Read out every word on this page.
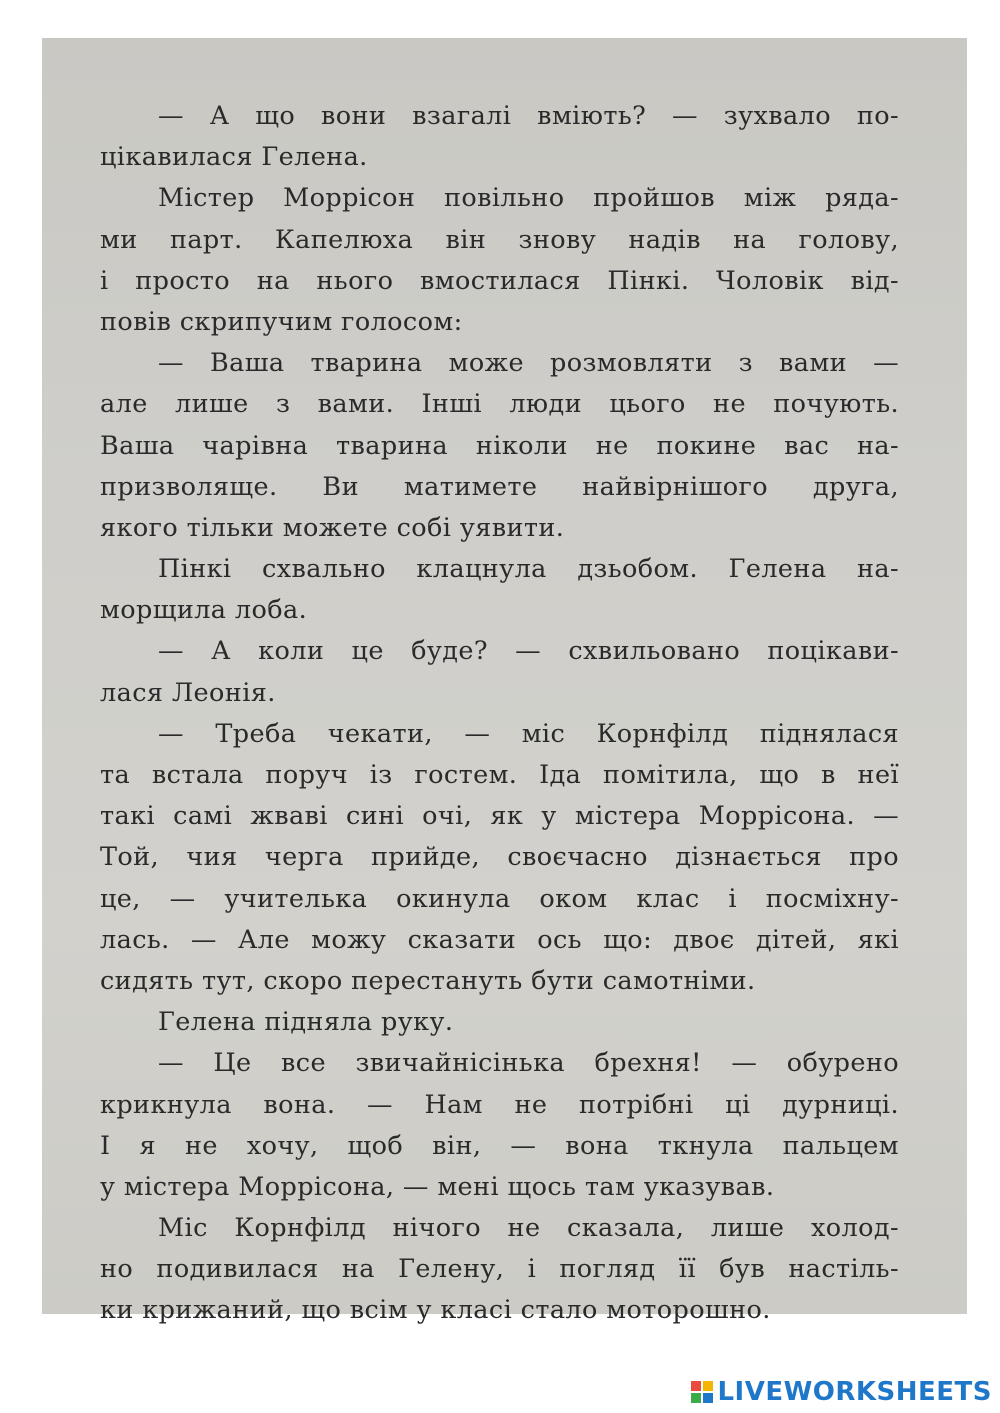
— А що вони взагалі вміють? — зухвало по-
цікавилася Гелена.
Містер Моррісон повільно пройшов між рядa-
ми парт. Капелюха він знову надів на голову,
і просто на нього вмостилася Пінкі. Чоловік від-
повів скрипучим голосом:
— Ваша тварина може розмовляти з вами —
але лише з вами. Інші люди цього не почують.
Ваша чарівна тварина ніколи не покине вас на-
призволяще. Ви матимете найвірнішого друга,
якого тільки можете собі уявити.
Пінкі схвально клацнула дзьобом. Гелена на-
морщила лоба.
— А коли це буде? — схвильовано поцікави-
лася Леонія.
— Треба чекати, — міс Корнфілд піднялася
та встала поруч із гостем. Іда помітила, що в неї
такі самі жваві сині очі, як у містера Моррісона. —
Той, чия черга прийде, своєчасно дізнається про
це, — учителька окинула оком клас і посміхну-
лась. — Але можу сказати ось що: двоє дітей, які
сидять тут, скоро перестануть бути самотніми.
Гелена підняла руку.
— Це все звичайнісінька брехня! — обурено
крикнула вона. — Нам не потрібні ці дурниці.
І я не хочу, щоб він, — вона ткнула пальцем
у містера Моррісона, — мені щось там указував.
Міс Корнфілд нічого не сказала, лише холод-
но подивилася на Гелену, і погляд її був настіль-
ки крижаний, що всім у класі стало моторошно.
LIVEWORKSHEETS
